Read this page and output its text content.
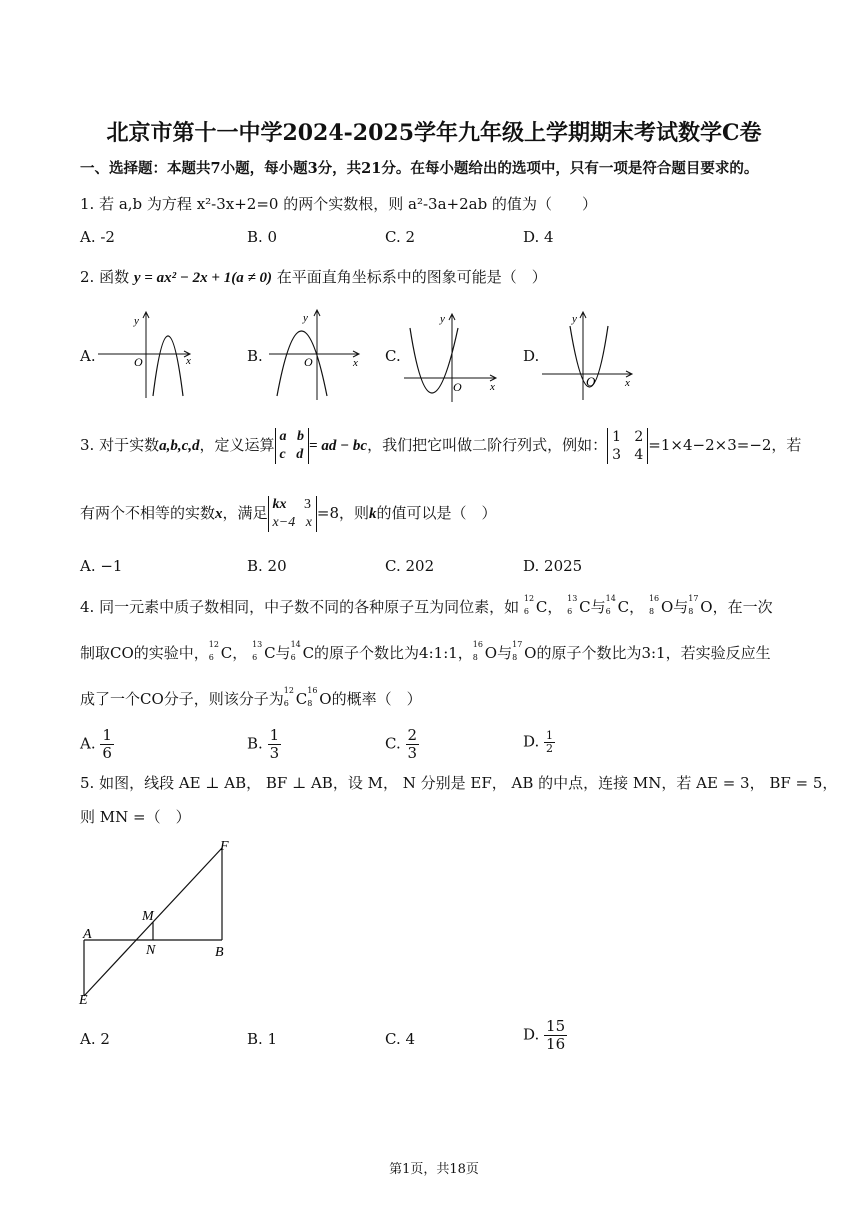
北京市第十一中学2024-2025学年九年级上学期期末考试数学C卷
一、选择题：本题共7小题，每小题3分，共21分。在每小题给出的选项中，只有一项是符合题目要求的。
1. 若 a,b 为方程 x²-3x+2=0 的两个实数根，则 a²-3a+2ab 的值为（　　）
A. -2	B. 0	C. 2	D. 4
2. 函数 y = ax² − 2x + 1(a ≠ 0) 在平面直角坐标系中的图象可能是（　）
A.	B.	C.	D.
y
x
O
y
x
O
y
x
O
y
x
O
3. 对于实数a,b,c,d，定义运算 a b
c d
= ad − bc，我们把它叫做二阶行列式，例如： 1 2
3 4
=1×4−2×3=−2，若
有两个不相等的实数x，满足 kx 3
x−4 x
=8，则k的值可以是（　）
A. −1	B. 20	C. 202	D. 2025
4. 同一元素中质子数相同，中子数不同的各种原子互为同位素，如 12
6 C， 13
6 C与 14
6 C， 16
8 O与 17
8 O，在一次
制取CO的实验中， 12
6 C， 13
6 C与 14
6 C的原子个数比为4:1:1， 16
8 O与 17
8 O的原子个数比为3:1，若实验反应生
成了一个CO分子，则该分子为 12
6 C 16
8 O的概率（　）
A. $\frac{1}{6}$	B. $\frac{1}{3}$	C. $\frac{2}{3}$	D. $\frac{1}{2}$
5. 如图，线段 AE ⊥ AB， BF ⊥ AB，设 M， N 分别是 EF， AB 的中点，连接 MN，若 AE = 3， BF = 5，
则 MN =（　）
F
M
A
N	B
E
A. 2	B. 1	C. 4	D. $\frac{15}{16}$
第1页，共18页
